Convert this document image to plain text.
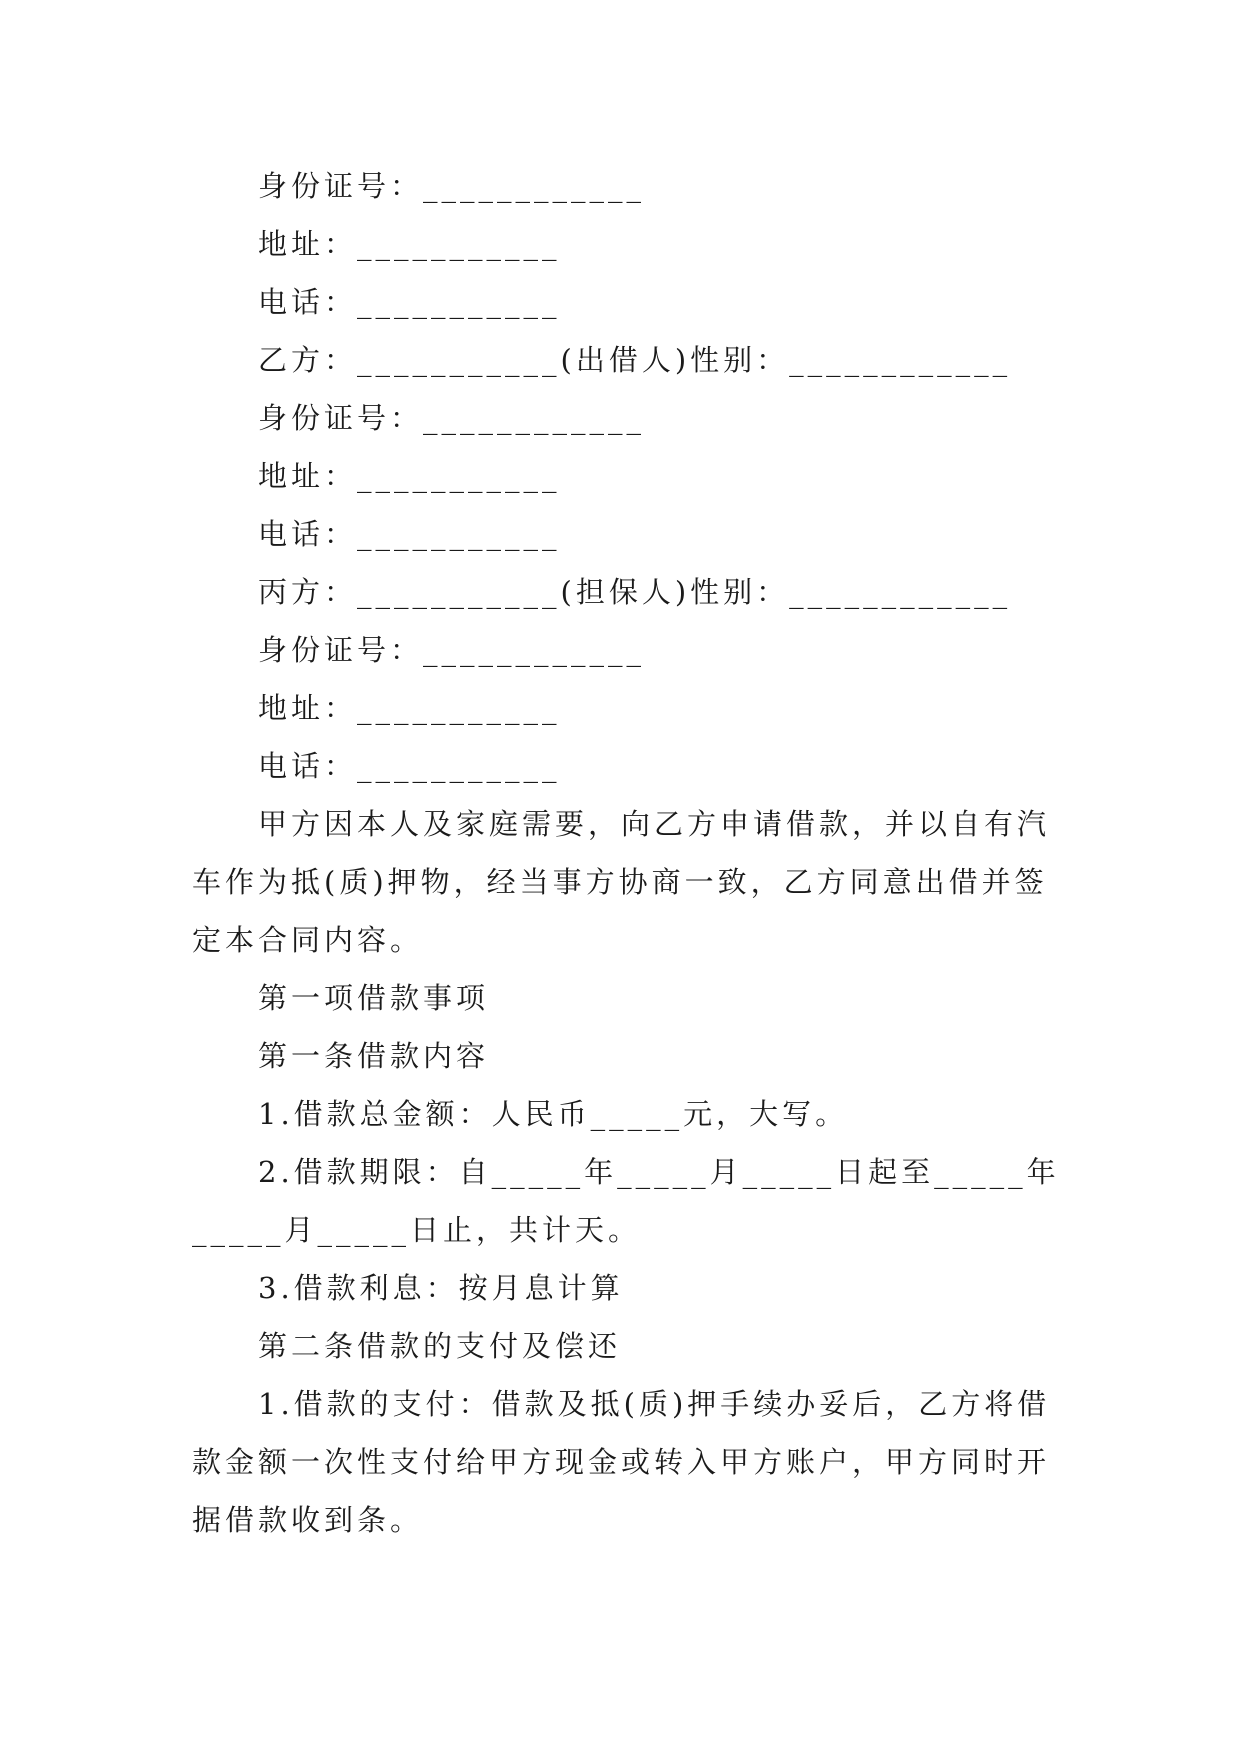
身份证号：____________
地址：___________
电话：___________
乙方：___________(出借人)性别：____________
身份证号：____________
地址：___________
电话：___________
丙方：___________(担保人)性别：____________
身份证号：____________
地址：___________
电话：___________
甲方因本人及家庭需要，向乙方申请借款，并以自有汽
车作为抵(质)押物，经当事方协商一致，乙方同意出借并签
定本合同内容。
第一项借款事项
第一条借款内容
1.借款总金额：人民币_____元，大写。
2.借款期限：自_____年_____月_____日起至_____年
_____月_____日止，共计天。
3.借款利息：按月息计算
第二条借款的支付及偿还
1.借款的支付：借款及抵(质)押手续办妥后，乙方将借
款金额一次性支付给甲方现金或转入甲方账户，甲方同时开
据借款收到条。
